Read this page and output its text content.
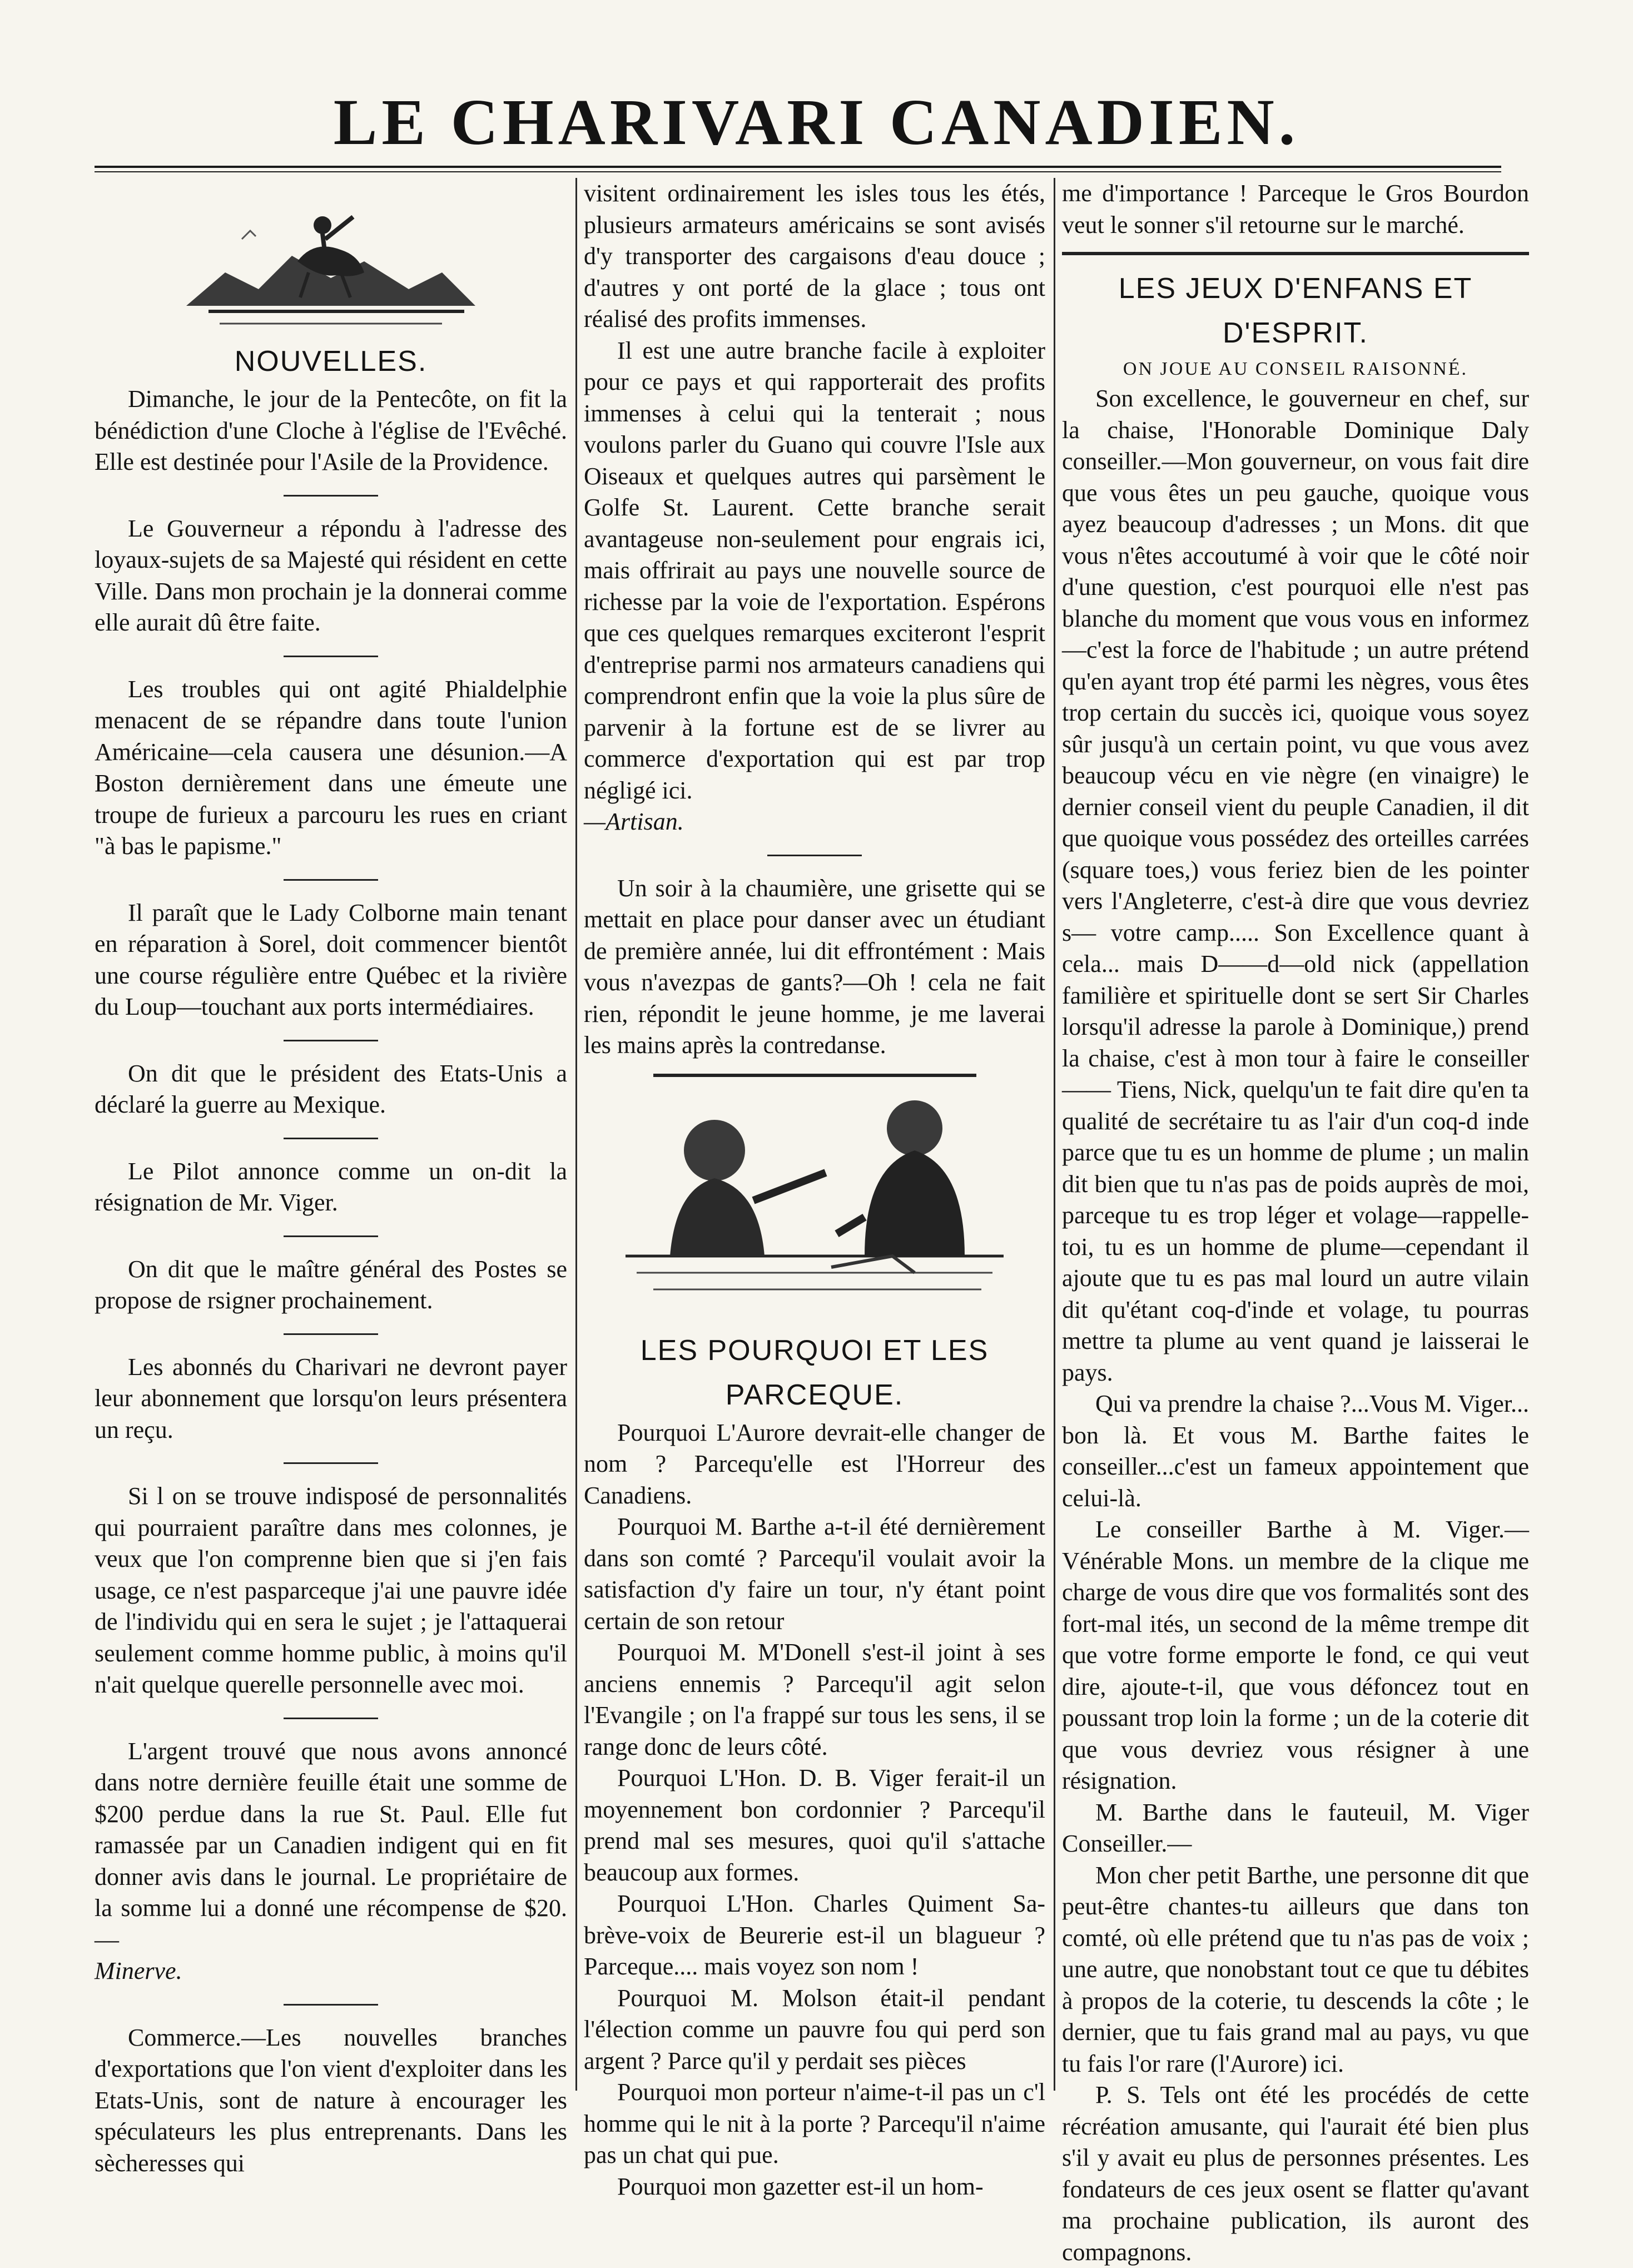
LE CHARIVARI CANADIEN.
NOUVELLES.

Dimanche, le jour de la Pentecôte, on fit la bénédiction d'une Cloche à l'église de l'Evêché. Elle est destinée pour l'Asile de la Providence.

Le Gouverneur a répondu à l'adresse des loyaux-sujets de sa Majesté qui résident en cette Ville. Dans mon prochain je la donnerai comme elle aurait dû être faite.

Les troubles qui ont agité Phialdelphie menacent de se répandre dans toute l'union Américaine—cela causera une désunion.—A Boston dernièrement dans une émeute une troupe de furieux a parcouru les rues en criant "à bas le papisme."

Il paraît que le Lady Colborne main tenant en réparation à Sorel, doit commencer bientôt une course régulière entre Québec et la rivière du Loup—touchant aux ports intermédiaires.

On dit que le président des Etats-Unis a déclaré la guerre au Mexique.

Le Pilot annonce comme un on-dit la résignation de Mr. Viger.

On dit que le maître général des Postes se propose de rsigner prochainement.

Les abonnés du Charivari ne devront payer leur abonnement que lorsqu'on leurs présentera un reçu.

Si l on se trouve indisposé de personnalités qui pourraient paraître dans mes colonnes, je veux que l'on comprenne bien que si j'en fais usage, ce n'est pasparceque j'ai une pauvre idée de l'individu qui en sera le sujet ; je l'attaquerai seulement comme homme public, à moins qu'il n'ait quelque querelle personnelle avec moi.

L'argent trouvé que nous avons annoncé dans notre dernière feuille était une somme de $200 perdue dans la rue St. Paul. Elle fut ramassée par un Canadien indigent qui en fit donner avis dans le journal. Le propriétaire de la somme lui a donné une récompense de $20.—

Minerve.

Commerce.—Les nouvelles branches d'exportations que l'on vient d'exploiter dans les Etats-Unis, sont de nature à encourager les spéculateurs les plus entreprenants. Dans les sècheresses qui

visitent ordinairement les isles tous les étés, plusieurs armateurs américains se sont avisés d'y transporter des cargaisons d'eau douce ; d'autres y ont porté de la glace ; tous ont réalisé des profits immenses.

Il est une autre branche facile à exploiter pour ce pays et qui rapporterait des profits immenses à celui qui la tenterait ; nous voulons parler du Guano qui couvre l'Isle aux Oiseaux et quelques autres qui parsèment le Golfe St. Laurent. Cette branche serait avantageuse non-seulement pour engrais ici, mais offrirait au pays une nouvelle source de richesse par la voie de l'exportation. Espérons que ces quelques remarques exciteront l'esprit d'entreprise parmi nos armateurs canadiens qui comprendront enfin que la voie la plus sûre de parvenir à la fortune est de se livrer au commerce d'exportation qui est par trop négligé ici.

—Artisan.

Un soir à la chaumière, une grisette qui se mettait en place pour danser avec un étudiant de première année, lui dit effrontément : Mais vous n'avezpas de gants?—Oh ! cela ne fait rien, répondit le jeune homme, je me laverai les mains après la contredanse.

LES POURQUOI ET LES PARCEQUE.

Pourquoi L'Aurore devrait-elle changer de nom ? Parcequ'elle est l'Horreur des Canadiens.

Pourquoi M. Barthe a-t-il été dernièrement dans son comté ? Parcequ'il voulait avoir la satisfaction d'y faire un tour, n'y étant point certain de son retour

Pourquoi M. M'Donell s'est-il joint à ses anciens ennemis ? Parcequ'il agit selon l'Evangile ; on l'a frappé sur tous les sens, il se range donc de leurs côté.

Pourquoi L'Hon. D. B. Viger ferait-il un moyennement bon cordonnier ? Parcequ'il prend mal ses mesures, quoi qu'il s'attache beaucoup aux formes.

Pourquoi L'Hon. Charles Quiment Sa-brève-voix de Beurerie est-il un blagueur ? Parceque.... mais voyez son nom !

Pourquoi M. Molson était-il pendant l'élection comme un pauvre fou qui perd son argent ? Parce qu'il y perdait ses pièces

Pourquoi mon porteur n'aime-t-il pas un c'l homme qui le nit à la porte ? Parcequ'il n'aime pas un chat qui pue.

Pourquoi mon gazetter est-il un hom-

me d'importance ! Parceque le Gros Bourdon veut le sonner s'il retourne sur le marché.

LES JEUX D'ENFANS ET D'ESPRIT.
ON JOUE AU CONSEIL RAISONNÉ.

Son excellence, le gouverneur en chef, sur la chaise, l'Honorable Dominique Daly conseiller.—Mon gouverneur, on vous fait dire que vous êtes un peu gauche, quoique vous ayez beaucoup d'adresses ; un Mons. dit que vous n'êtes accoutumé à voir que le côté noir d'une question, c'est pourquoi elle n'est pas blanche du moment que vous vous en informez—c'est la force de l'habitude ; un autre prétend qu'en ayant trop été parmi les nègres, vous êtes trop certain du succès ici, quoique vous soyez sûr jusqu'à un certain point, vu que vous avez beaucoup vécu en vie nègre (en vinaigre) le dernier conseil vient du peuple Canadien, il dit que quoique vous possédez des orteilles carrées (square toes,) vous feriez bien de les pointer vers l'Angleterre, c'est-à dire que vous devriez s— votre camp..... Son Excellence quant à cela... mais D——d—old nick (appellation familière et spirituelle dont se sert Sir Charles lorsqu'il adresse la parole à Dominique,) prend la chaise, c'est à mon tour à faire le conseiller—— Tiens, Nick, quelqu'un te fait dire qu'en ta qualité de secrétaire tu as l'air d'un coq-d inde parce que tu es un homme de plume ; un malin dit bien que tu n'as pas de poids auprès de moi, parceque tu es trop léger et volage—rappelle-toi, tu es un homme de plume—cependant il ajoute que tu es pas mal lourd un autre vilain dit qu'étant coq-d'inde et volage, tu pourras mettre ta plume au vent quand je laisserai le pays.

Qui va prendre la chaise ?...Vous M. Viger... bon là. Et vous M. Barthe faites le conseiller...c'est un fameux appointement que celui-là.

Le conseiller Barthe à M. Viger.—Vénérable Mons. un membre de la clique me charge de vous dire que vos formalités sont des fort-mal ités, un second de la même trempe dit que votre forme emporte le fond, ce qui veut dire, ajoute-t-il, que vous défoncez tout en poussant trop loin la forme ; un de la coterie dit que vous devriez vous résigner à une résignation.

M. Barthe dans le fauteuil, M. Viger Conseiller.—

Mon cher petit Barthe, une personne dit que peut-être chantes-tu ailleurs que dans ton comté, où elle prétend que tu n'as pas de voix ; une autre, que nonobstant tout ce que tu débites à propos de la coterie, tu descends la côte ; le dernier, que tu fais grand mal au pays, vu que tu fais l'or rare (l'Aurore) ici.

P. S. Tels ont été les procédés de cette récréation amusante, qui l'aurait été bien plus s'il y avait eu plus de personnes présentes. Les fondateurs de ces jeux osent se flatter qu'avant ma prochaine publication, ils auront des compagnons.
